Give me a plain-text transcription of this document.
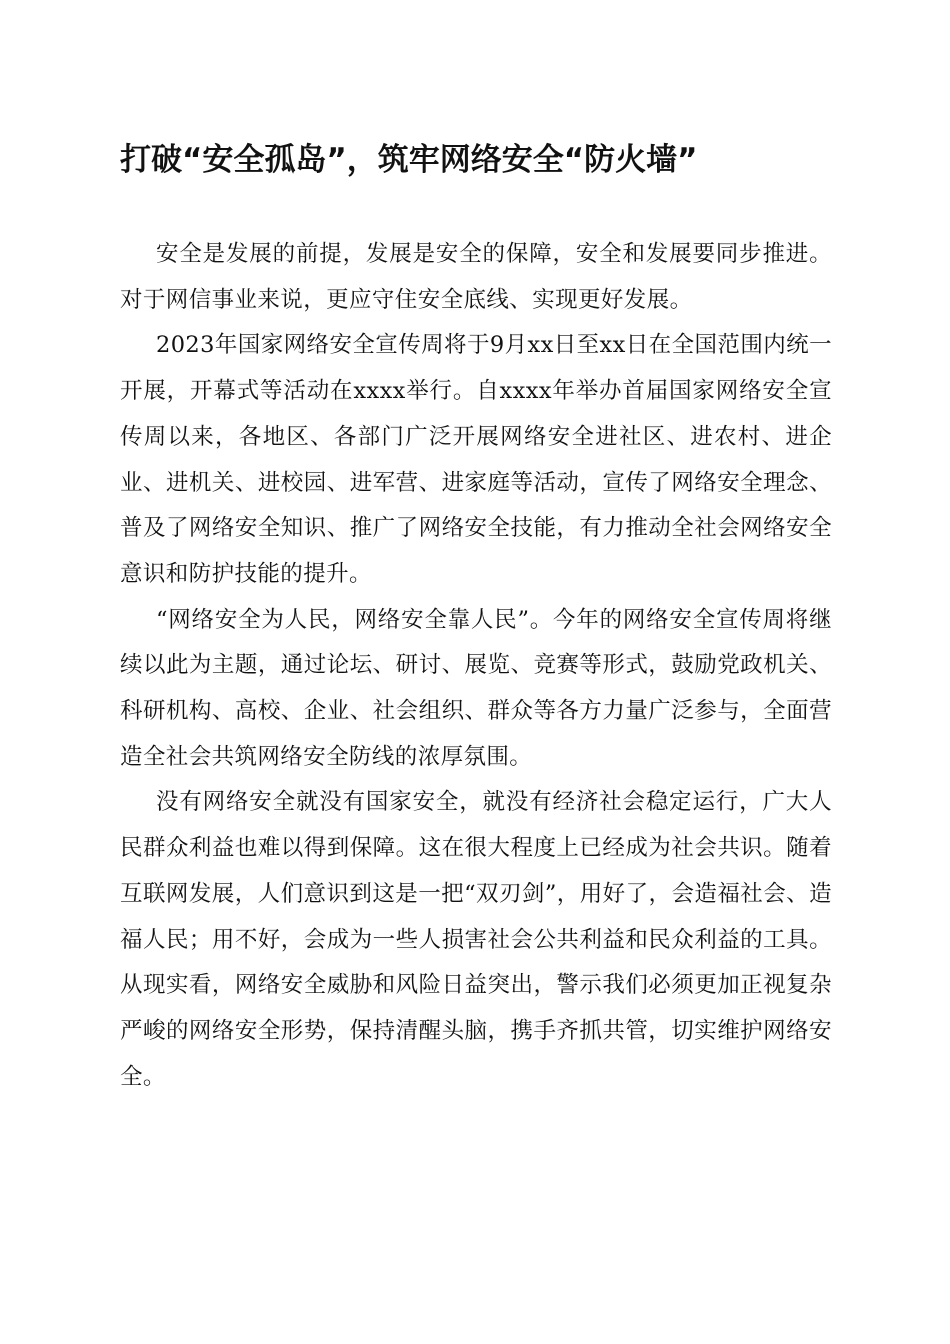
打破“安全孤岛”，筑牢网络安全“防火墙”

安全是发展的前提，发展是安全的保障，安全和发展要同步推进。对于网信事业来说，更应守住安全底线、实现更好发展。

2023年国家网络安全宣传周将于9月xx日至xx日在全国范围内统一开展，开幕式等活动在xxxx举行。自xxxx年举办首届国家网络安全宣传周以来，各地区、各部门广泛开展网络安全进社区、进农村、进企业、进机关、进校园、进军营、进家庭等活动，宣传了网络安全理念、普及了网络安全知识、推广了网络安全技能，有力推动全社会网络安全意识和防护技能的提升。

“网络安全为人民，网络安全靠人民”。今年的网络安全宣传周将继续以此为主题，通过论坛、研讨、展览、竞赛等形式，鼓励党政机关、科研机构、高校、企业、社会组织、群众等各方力量广泛参与，全面营造全社会共筑网络安全防线的浓厚氛围。

没有网络安全就没有国家安全，就没有经济社会稳定运行，广大人民群众利益也难以得到保障。这在很大程度上已经成为社会共识。随着互联网发展，人们意识到这是一把“双刃剑”，用好了，会造福社会、造福人民；用不好，会成为一些人损害社会公共利益和民众利益的工具。从现实看，网络安全威胁和风险日益突出，警示我们必须更加正视复杂严峻的网络安全形势，保持清醒头脑，携手齐抓共管，切实维护网络安全。
